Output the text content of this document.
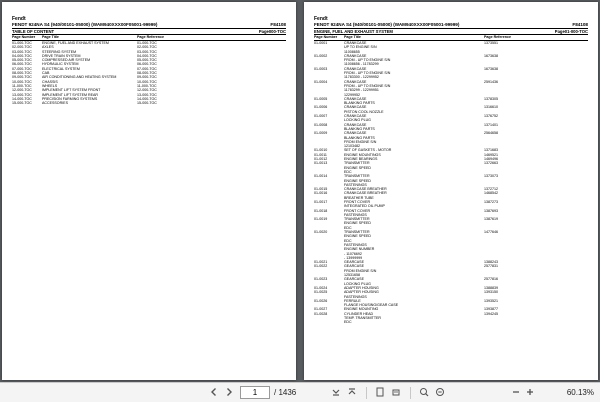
Fendt
FENDT 924NA S4 (940/00101-05000) (WAM940XXX00F05001-99999)	F84108
TABLE OF CONTENT	Page000-TOC
Page Number	Page Title	Page Reference
01-000-TOC	ENGINE, FUEL AND EXHAUST SYSTEM	01-000-TOC
02-000-TOC	AXLES	02-000-TOC
03-000-TOC	STEERING SYSTEM	03-000-TOC
04-000-TOC	DRIVE TRAIN SYSTEM	04-000-TOC
05-000-TOC	COMPRESSED AIR SYSTEM	05-000-TOC
06-000-TOC	HYDRAULIC SYSTEM	06-000-TOC
07-000-TOC	ELECTRICAL SYSTEM	07-000-TOC
08-000-TOC	CAB	08-000-TOC
09-000-TOC	AIR CONDITIONING AND HEATING SYSTEM	09-000-TOC
10-000-TOC	CHASSIS	10-000-TOC
11-000-TOC	WHEELS	11-000-TOC
12-000-TOC	IMPLEMENT LIFT SYSTEM FRONT	12-000-TOC
13-000-TOC	IMPLEMENT LIFT SYSTEM REAR	13-000-TOC
14-000-TOC	PRECISION FARMING SYSTEMS	14-000-TOC
15-000-TOC	ACCESSORIES	15-000-TOC
Fendt
FENDT 924NA S4 (940/00101-05000) (WAM940XXX00F05001-99999)	F84108
ENGINE, FUEL AND EXHAUST SYSTEM	Page01-000-TOC
Page Number	Page Title	Page Reference
01-0001	CRANKCASE	1373551
UP TO ENGINE S/N
11008655
01-0002	CRANKCASE	1673638
FROM - UP TO ENGINE S/N
11008656 - 11783299
01-0003	CRANKCASE	1673638
FROM - UP TO ENGINE S/N
11783300 - 12299952
01-0004	CRANKCASE	2591436
FROM - UP TO ENGINE S/N
11783299 - 12299951
12299952
01-0005	CRANKCASE	1378305
BLANKING PARTS
01-0006	CRANKCASE	1316610
PISTON COOL NOZZLE
01-0007	CRANKCASE	1376752
LOCKING PLUG
01-0008	CRANKCASE	1371401
BLANKING PARTS
01-0009	CRANKCASE	2564658
BLANKING PARTS
FROM ENGINE S/N
12103482
01-0010	SET OF GASKETS - MOTOR	1371683
01-0011	ENGINE MOUNTINGS	1469521
01-0012	ENGINE BEARINGS	1469496
01-0013	TRANSMITTER	1372663
ENGINE SPEED
EDC
01-0014	TRANSMITTER	1373073
ENGINE SPEED
FASTENINGS
01-0015	CRANKCASE BREATHER	1372712
01-0016	CRANKCASE BREATHER	1468542
BREATHER TUBE
01-0017	FRONT COVER	1387273
INTEGRATED OIL PUMP
01-0018	FRONT COVER	1387693
FASTENINGS
01-0019	TRANSMITTER	1387619
ENGINE SPEED
EDC
01-0020	TRANSMITTER	1477646
ENGINE SPEED
EDC
FASTENINGS
ENGINE NUMBER
- 11076692
- 13999999
01-0021	GEARCASE	1388243
01-0022	GEARCASE	2577831
FROM ENGINE S/N
12531658
01-0023	GEARCASE	2577816
LOCKING PLUG
01-0024	ADAPTER HOUSING	1388839
01-0025	ADAPTER HOUSING	1393150
FASTENINGS
01-0026	FERRULE	1393521
FLANGE HOUSING/GEAR CASE
01-0027	ENGINE MOUNTING	1393877
01-0028	CYLINDER HEAD	1394245
TEMP. TRANSMITTER
EDC
1
/ 1436	60.13%
